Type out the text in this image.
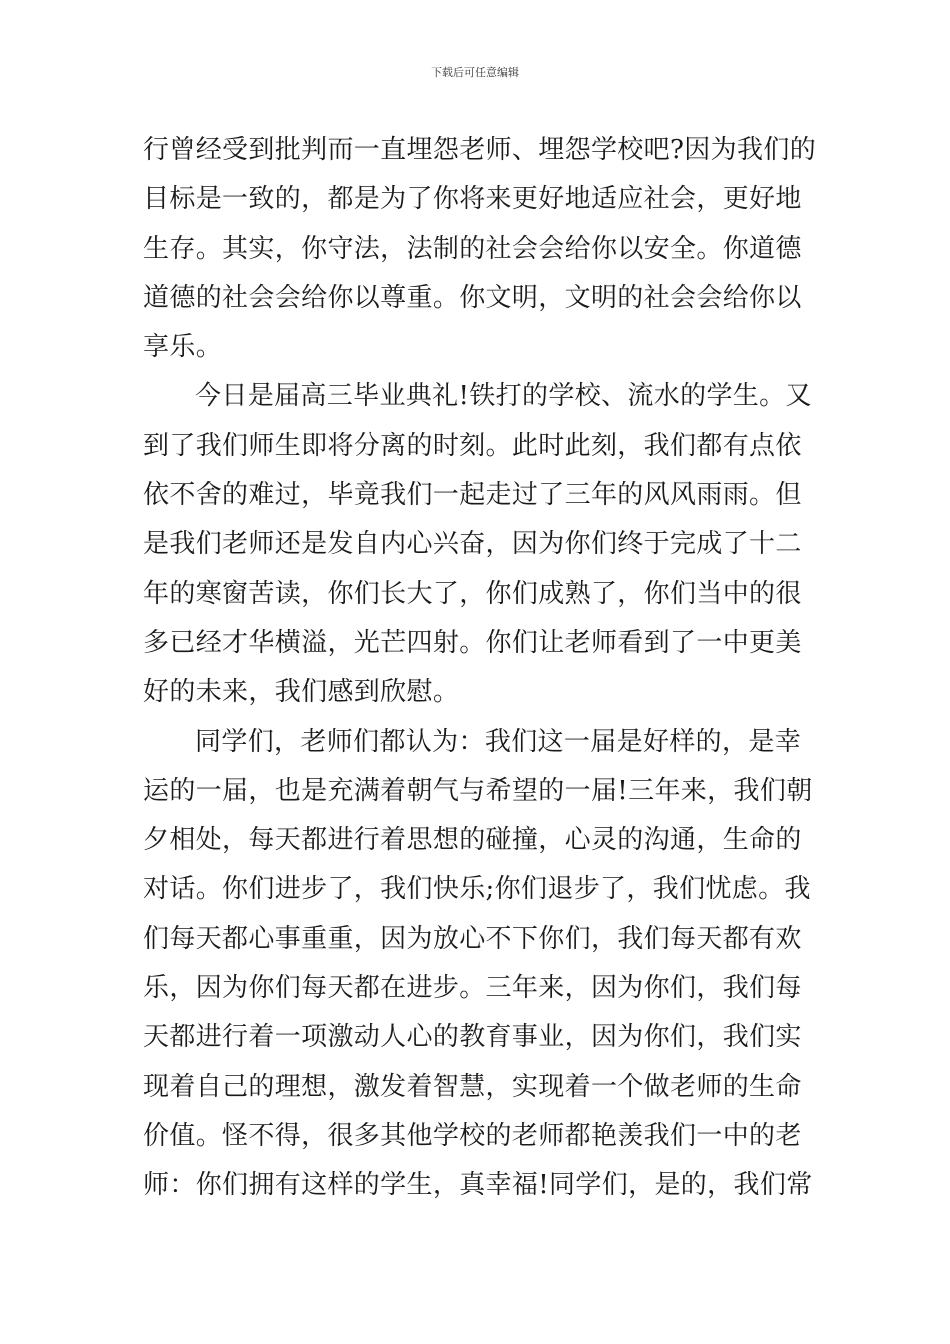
下载后可任意编辑
行曾经受到批判而一直埋怨老师、埋怨学校吧?因为我们的
目标是一致的，都是为了你将来更好地适应社会，更好地
生存。其实，你守法，法制的社会会给你以安全。你道德
道德的社会会给你以尊重。你文明，文明的社会会给你以
享乐。
今日是届高三毕业典礼!铁打的学校、流水的学生。又
到了我们师生即将分离的时刻。此时此刻，我们都有点依
依不舍的难过，毕竟我们一起走过了三年的风风雨雨。但
是我们老师还是发自内心兴奋，因为你们终于完成了十二
年的寒窗苦读，你们长大了，你们成熟了，你们当中的很
多已经才华横溢，光芒四射。你们让老师看到了一中更美
好的未来，我们感到欣慰。
同学们，老师们都认为：我们这一届是好样的，是幸
运的一届，也是充满着朝气与希望的一届!三年来，我们朝
夕相处，每天都进行着思想的碰撞，心灵的沟通，生命的
对话。你们进步了，我们快乐;你们退步了，我们忧虑。我
们每天都心事重重，因为放心不下你们，我们每天都有欢
乐，因为你们每天都在进步。三年来，因为你们，我们每
天都进行着一项激动人心的教育事业，因为你们，我们实
现着自己的理想，激发着智慧，实现着一个做老师的生命
价值。怪不得，很多其他学校的老师都艳羡我们一中的老
师：你们拥有这样的学生，真幸福!同学们，是的，我们常
